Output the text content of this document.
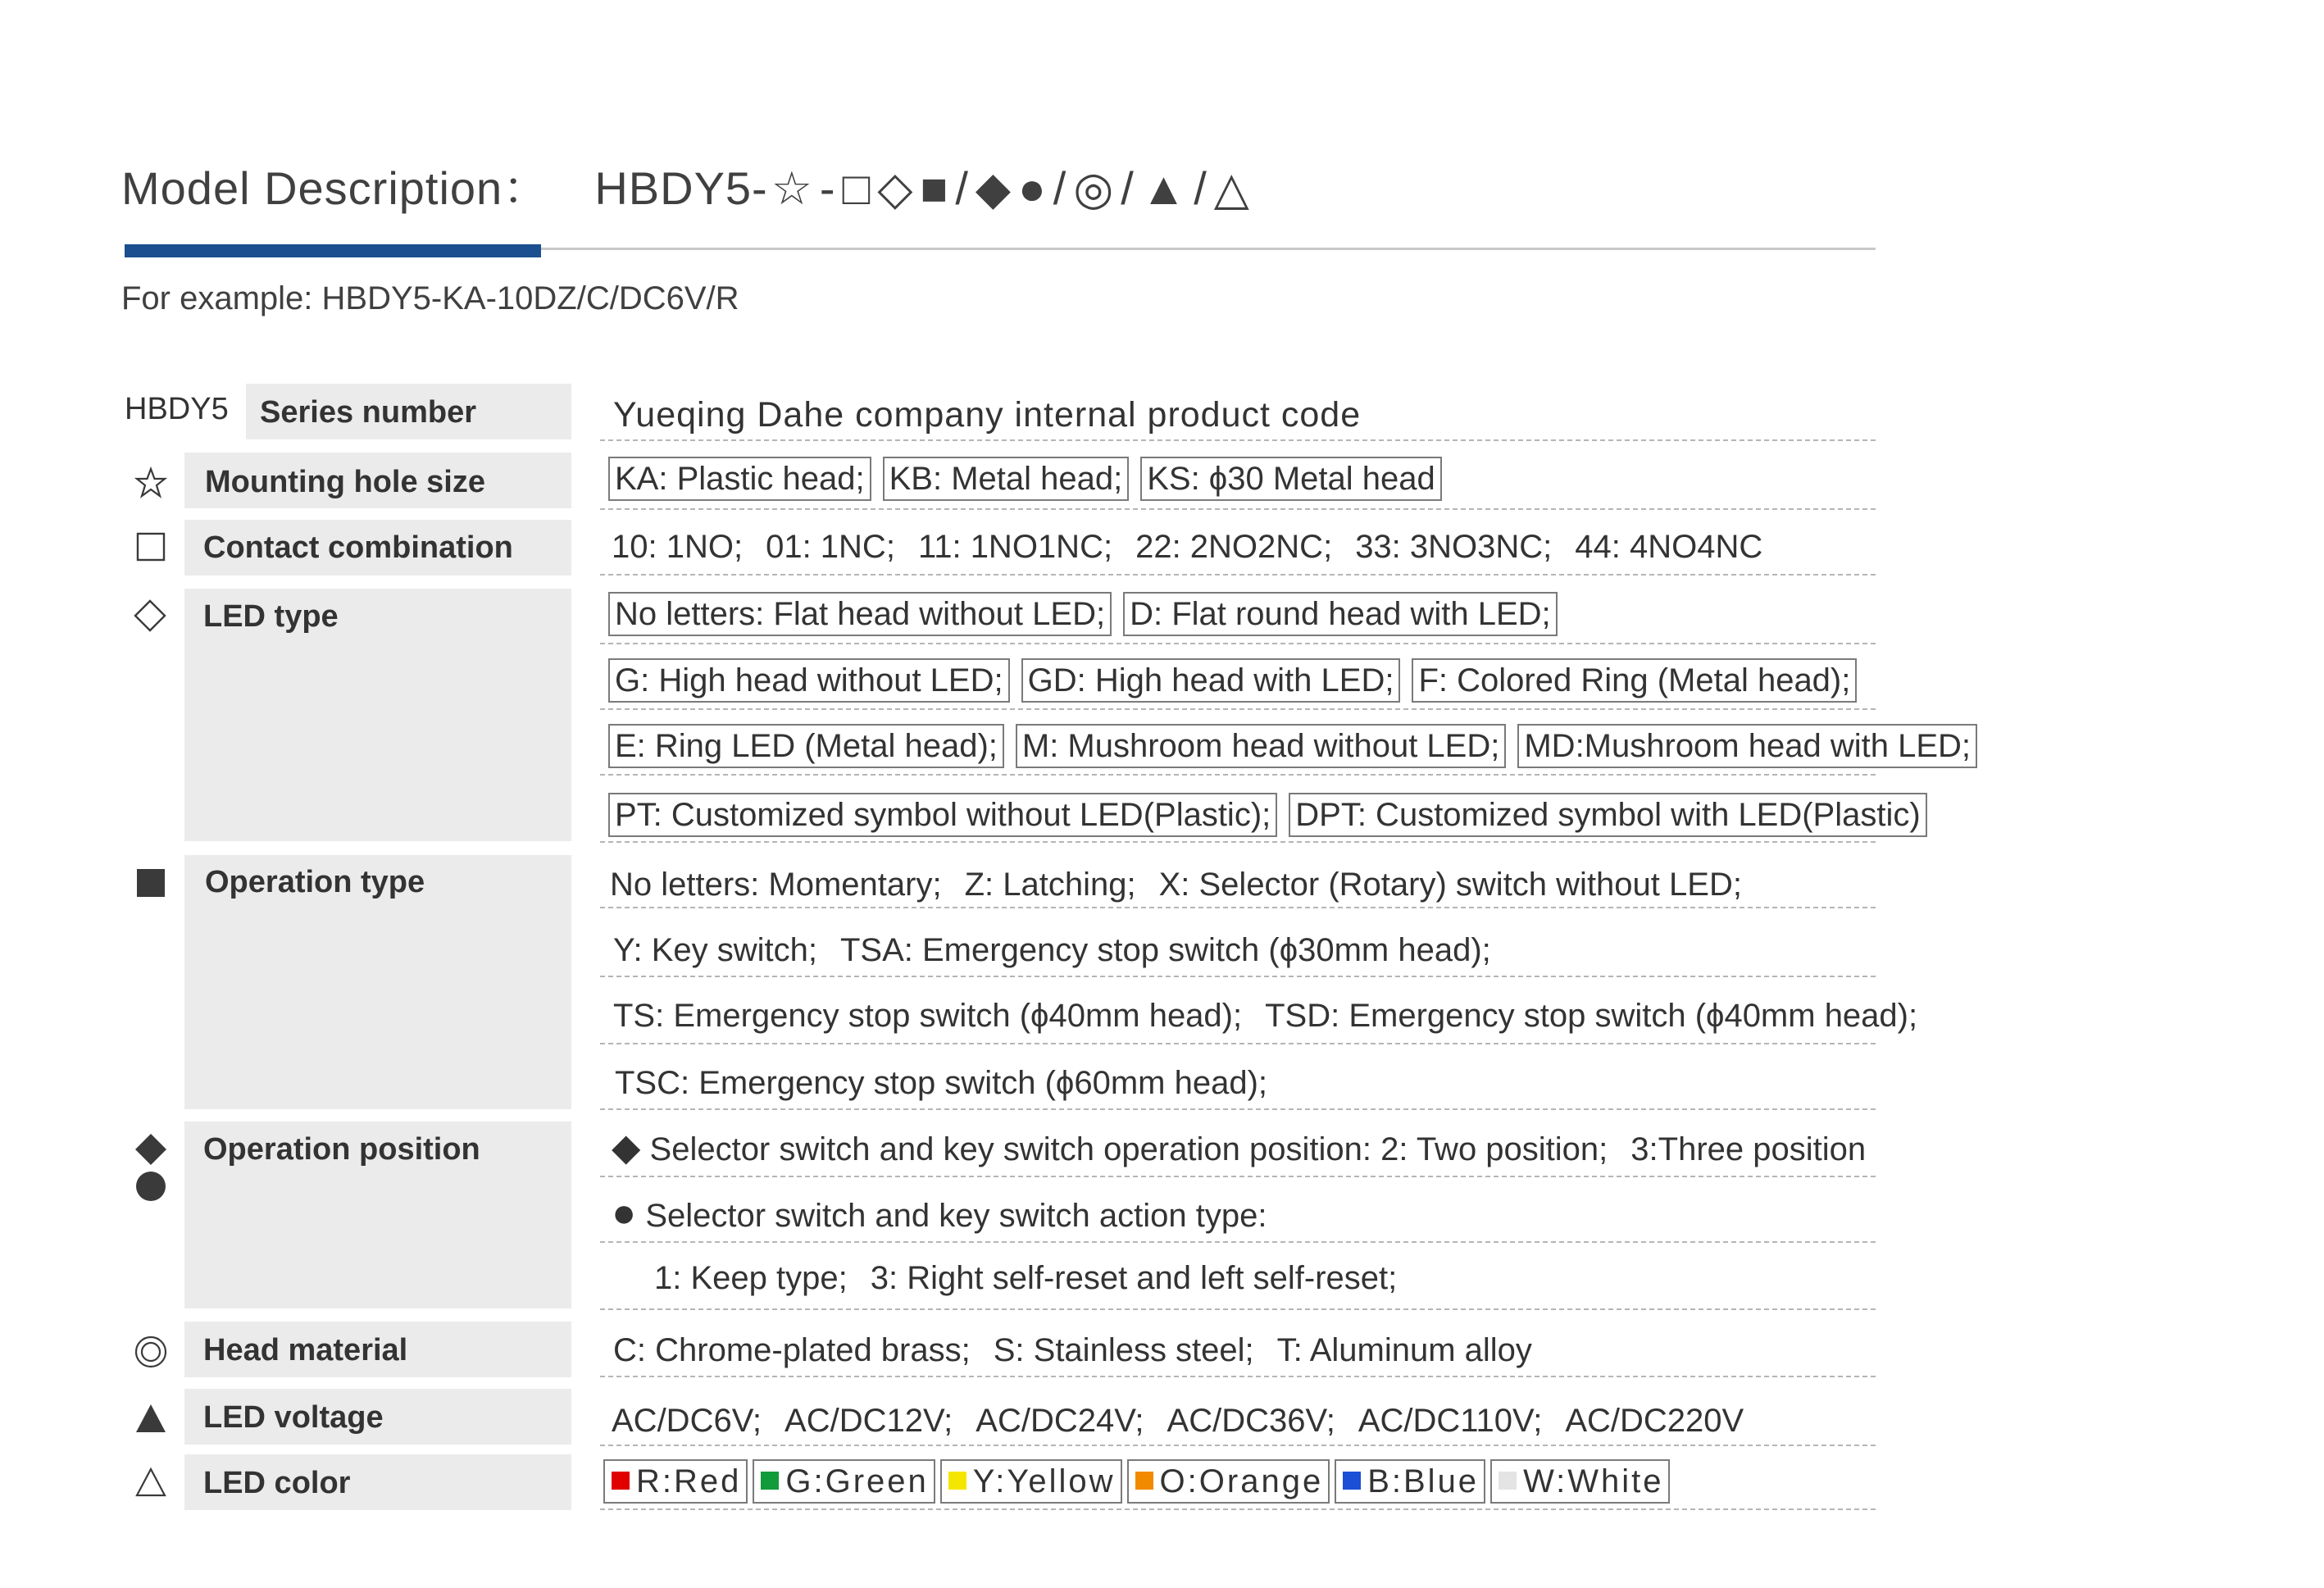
Model Description： HBDY5-☆ - □ ◇ ■ / ◆ ● / ◎ / ▲ / △
For example: HBDY5-KA-10DZ/C/DC6V/R
HBDY5 Series number	Yueqing Dahe company internal product code
Mounting hole size	KA: Plastic head; KB: Metal head; KS: ϕ30 Metal head
Contact combination	10: 1NO; 01: 1NC; 11: 1NO1NC; 22: 2NO2NC; 33: 3NO3NC; 44: 4NO4NC
LED type	No letters: Flat head without LED; D: Flat round head with LED;
G: High head without LED; GD: High head with LED; F: Colored Ring (Metal head);
E: Ring LED (Metal head); M: Mushroom head without LED; MD:Mushroom head with LED;
PT: Customized symbol without LED(Plastic); DPT: Customized symbol with LED(Plastic)
Operation type	No letters: Momentary; Z: Latching; X: Selector (Rotary) switch without LED;
Y: Key switch; TSA: Emergency stop switch (ϕ30mm head);
TS: Emergency stop switch (ϕ40mm head); TSD: Emergency stop switch (ϕ40mm head);
TSC: Emergency stop switch (ϕ60mm head);
Operation position	◆ Selector switch and key switch operation position: 2: Two position; 3:Three position
● Selector switch and key switch action type:
1: Keep type; 3: Right self-reset and left self-reset;
Head material	C: Chrome-plated brass; S: Stainless steel; T: Aluminum alloy
LED voltage	AC/DC6V; AC/DC12V; AC/DC24V; AC/DC36V; AC/DC110V; AC/DC220V
LED color	R:Red G:Green Y:Yellow O:Orange B:Blue W:White
